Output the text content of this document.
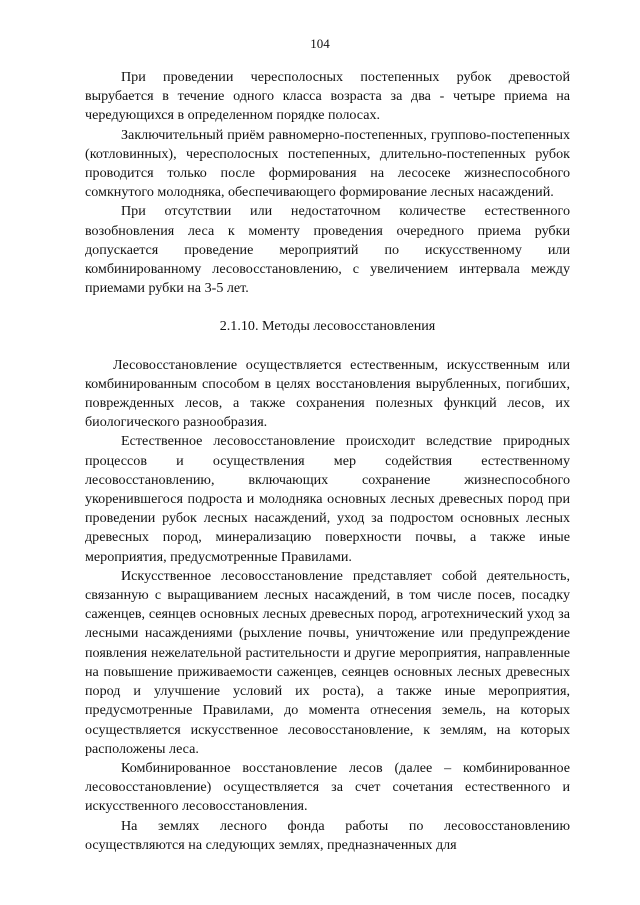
104

При проведении чересполосных постепенных рубок древостой вырубается в течение одного класса возраста за два - четыре приема на чередующихся в определенном порядке полосах.

Заключительный приём равномерно-постепенных, группово-постепенных (котловинных), чересполосных постепенных, длительно-постепенных рубок проводится только после формирования на лесосеке жизнеспособного сомкнутого молодняка, обеспечивающего формирование лесных насаждений.

При отсутствии или недостаточном количестве естественного возобновления леса к моменту проведения очередного приема рубки допускается проведение мероприятий по искусственному или комбинированному лесовосстановлению, с увеличением интервала между приемами рубки на 3-5 лет.

2.1.10. Методы лесовосстановления

Лесовосстановление осуществляется естественным, искусственным или комбинированным способом в целях восстановления вырубленных, погибших, поврежденных лесов, а также сохранения полезных функций лесов, их биологического разнообразия.

Естественное лесовосстановление происходит вследствие природных процессов и осуществления мер содействия естественному лесовосстановлению, включающих сохранение жизнеспособного укоренившегося подроста и молодняка основных лесных древесных пород при проведении рубок лесных насаждений, уход за подростом основных лесных древесных пород, минерализацию поверхности почвы, а также иные мероприятия, предусмотренные Правилами.

Искусственное лесовосстановление представляет собой деятельность, связанную с выращиванием лесных насаждений, в том числе посев, посадку саженцев, сеянцев основных лесных древесных пород, агротехнический уход за лесными насаждениями (рыхление почвы, уничтожение или предупреждение появления нежелательной растительности и другие мероприятия, направленные на повышение приживаемости саженцев, сеянцев основных лесных древесных пород и улучшение условий их роста), а также иные мероприятия, предусмотренные Правилами, до момента отнесения земель, на которых осуществляется искусственное лесовосстановление, к землям, на которых расположены леса.

Комбинированное восстановление лесов (далее – комбинированное лесовосстановление) осуществляется за счет сочетания естественного и искусственного лесовосстановления.

На землях лесного фонда работы по лесовосстановлению осуществляются на следующих землях, предназначенных для
